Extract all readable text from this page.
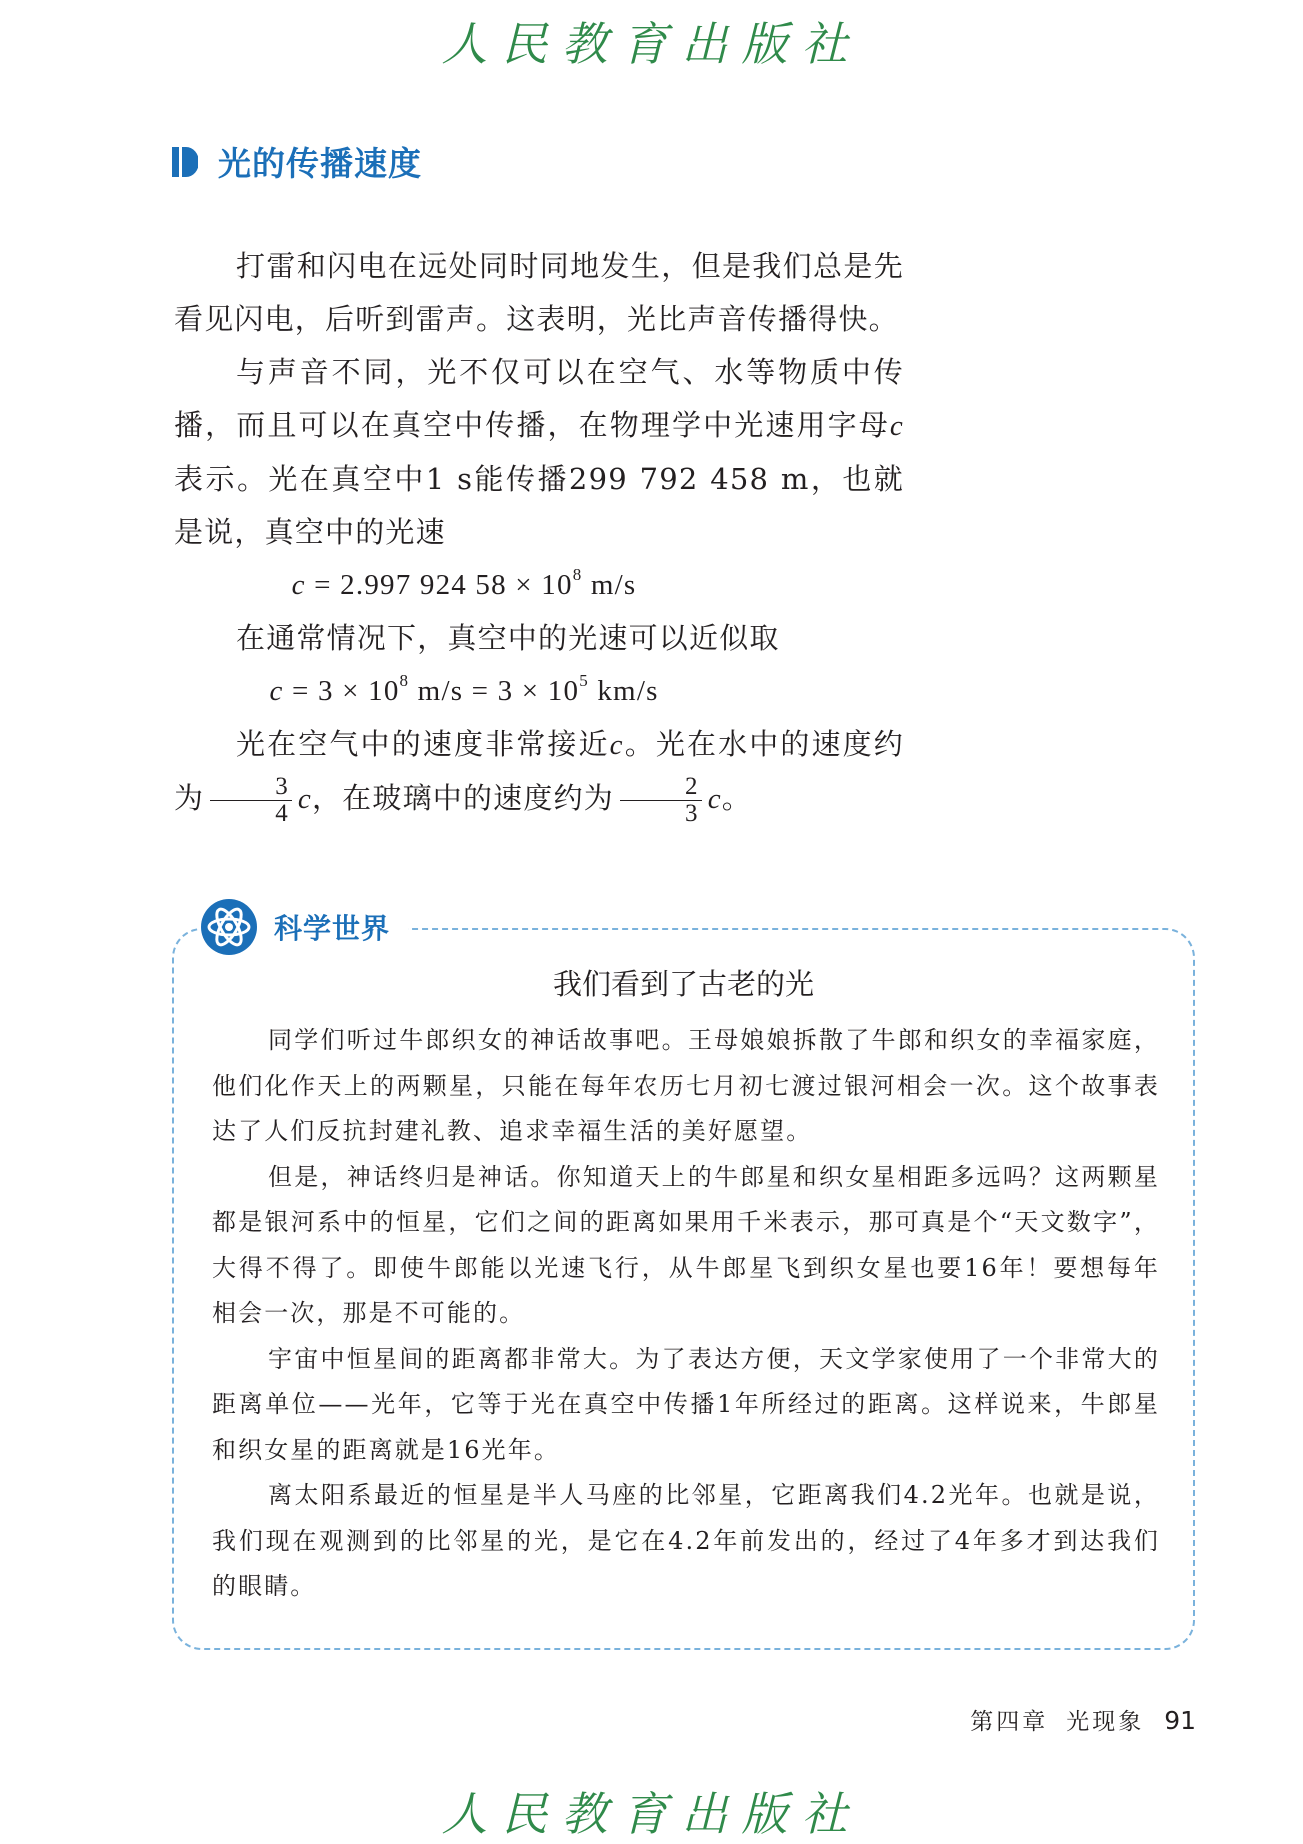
人民教育出版社
光的传播速度

打雷和闪电在远处同时同地发生，但是我们总是先看见闪电，后听到雷声。这表明，光比声音传播得快。

与声音不同，光不仅可以在空气、水等物质中传播，而且可以在真空中传播，在物理学中光速用字母c表示。光在真空中1 s能传播299 792 458 m，也就是说，真空中的光速

c = 2.997 924 $58 \times 10^8$ m/s

在通常情况下，真空中的光速可以近似取

$c = 3 \times 10^8$ $m/s = 3 \times 10^5$ km/s

光在空气中的速度非常接近c。光在水中的速度约为 $\frac{3}{4}$ c，在玻璃中的速度约为 $\frac{2}{3}$ c。

科学世界
我们看到了古老的光

同学们听过牛郎织女的神话故事吧。王母娘娘拆散了牛郎和织女的幸福家庭，他们化作天上的两颗星，只能在每年农历七月初七渡过银河相会一次。这个故事表达了人们反抗封建礼教、追求幸福生活的美好愿望。

但是，神话终归是神话。你知道天上的牛郎星和织女星相距多远吗？这两颗星都是银河系中的恒星，它们之间的距离如果用千米表示，那可真是个“天文数字”，大得不得了。即使牛郎能以光速飞行，从牛郎星飞到织女星也要16年！要想每年相会一次，那是不可能的。

宇宙中恒星间的距离都非常大。为了表达方便，天文学家使用了一个非常大的距离单位——光年，它等于光在真空中传播1年所经过的距离。这样说来，牛郎星和织女星的距离就是16光年。

离太阳系最近的恒星是半人马座的比邻星，它距离我们4.2光年。也就是说，我们现在观测到的比邻星的光，是它在4.2年前发出的，经过了4年多才到达我们的眼睛。

第四章 光现象 91
人民教育出版社
